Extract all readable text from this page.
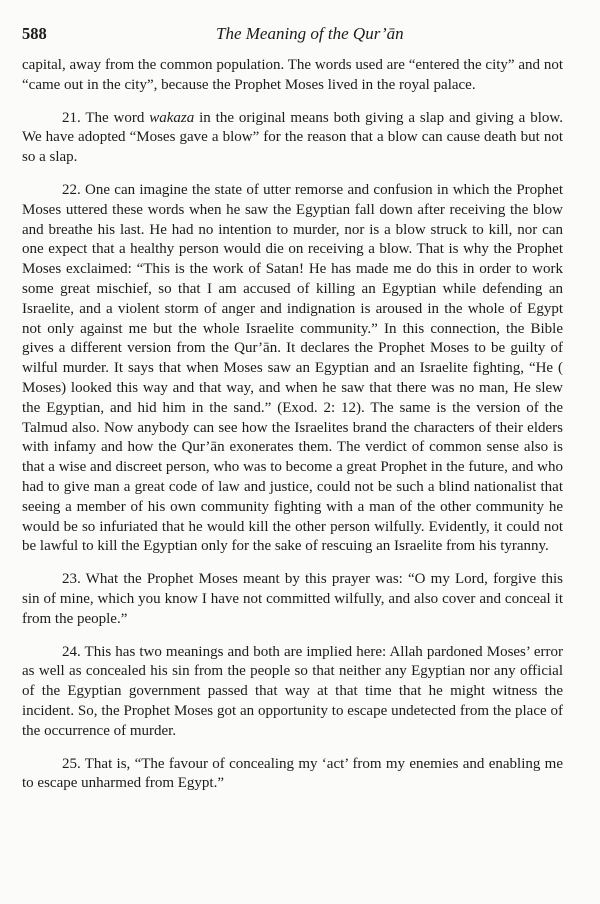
588	The Meaning of the Qur’ān

capital, away from the common population. The words used are “entered the city” and not “came out in the city”, because the Prophet Moses lived in the royal palace.

21. The word wakaza in the original means both giving a slap and giving a blow. We have adopted “Moses gave a blow” for the reason that a blow can cause death but not so a slap.

22. One can imagine the state of utter remorse and confusion in which the Prophet Moses uttered these words when he saw the Egyptian fall down after receiving the blow and breathe his last. He had no intention to murder, nor is a blow struck to kill, nor can one expect that a healthy person would die on receiving a blow. That is why the Prophet Moses exclaimed: “This is the work of Satan! He has made me do this in order to work some great mischief, so that I am accused of killing an Egyptian while defending an Israelite, and a violent storm of anger and indignation is aroused in the whole of Egypt not only against me but the whole Israelite community.” In this connection, the Bible gives a different version from the Qur’ān. It declares the Prophet Moses to be guilty of wilful murder. It says that when Moses saw an Egyptian and an Israelite fighting, “He ( Moses) looked this way and that way, and when he saw that there was no man, He slew the Egyptian, and hid him in the sand.” (Exod. 2: 12). The same is the version of the Talmud also. Now anybody can see how the Israelites brand the characters of their elders with infamy and how the Qur’ān exonerates them. The verdict of common sense also is that a wise and discreet person, who was to become a great Prophet in the future, and who had to give man a great code of law and justice, could not be such a blind nationalist that seeing a member of his own community fighting with a man of the other community he would be so infuriated that he would kill the other person wilfully. Evidently, it could not be lawful to kill the Egyptian only for the sake of rescuing an Israelite from his tyranny.

23. What the Prophet Moses meant by this prayer was: “O my Lord, forgive this sin of mine, which you know I have not committed wilfully, and also cover and conceal it from the people.”

24. This has two meanings and both are implied here: Allah pardoned Moses’ error as well as concealed his sin from the people so that neither any Egyptian nor any official of the Egyptian government passed that way at that time that he might witness the incident. So, the Prophet Moses got an opportunity to escape undetected from the place of the occurrence of murder.

25. That is, “The favour of concealing my ‘act’ from my enemies and enabling me to escape unharmed from Egypt.”
